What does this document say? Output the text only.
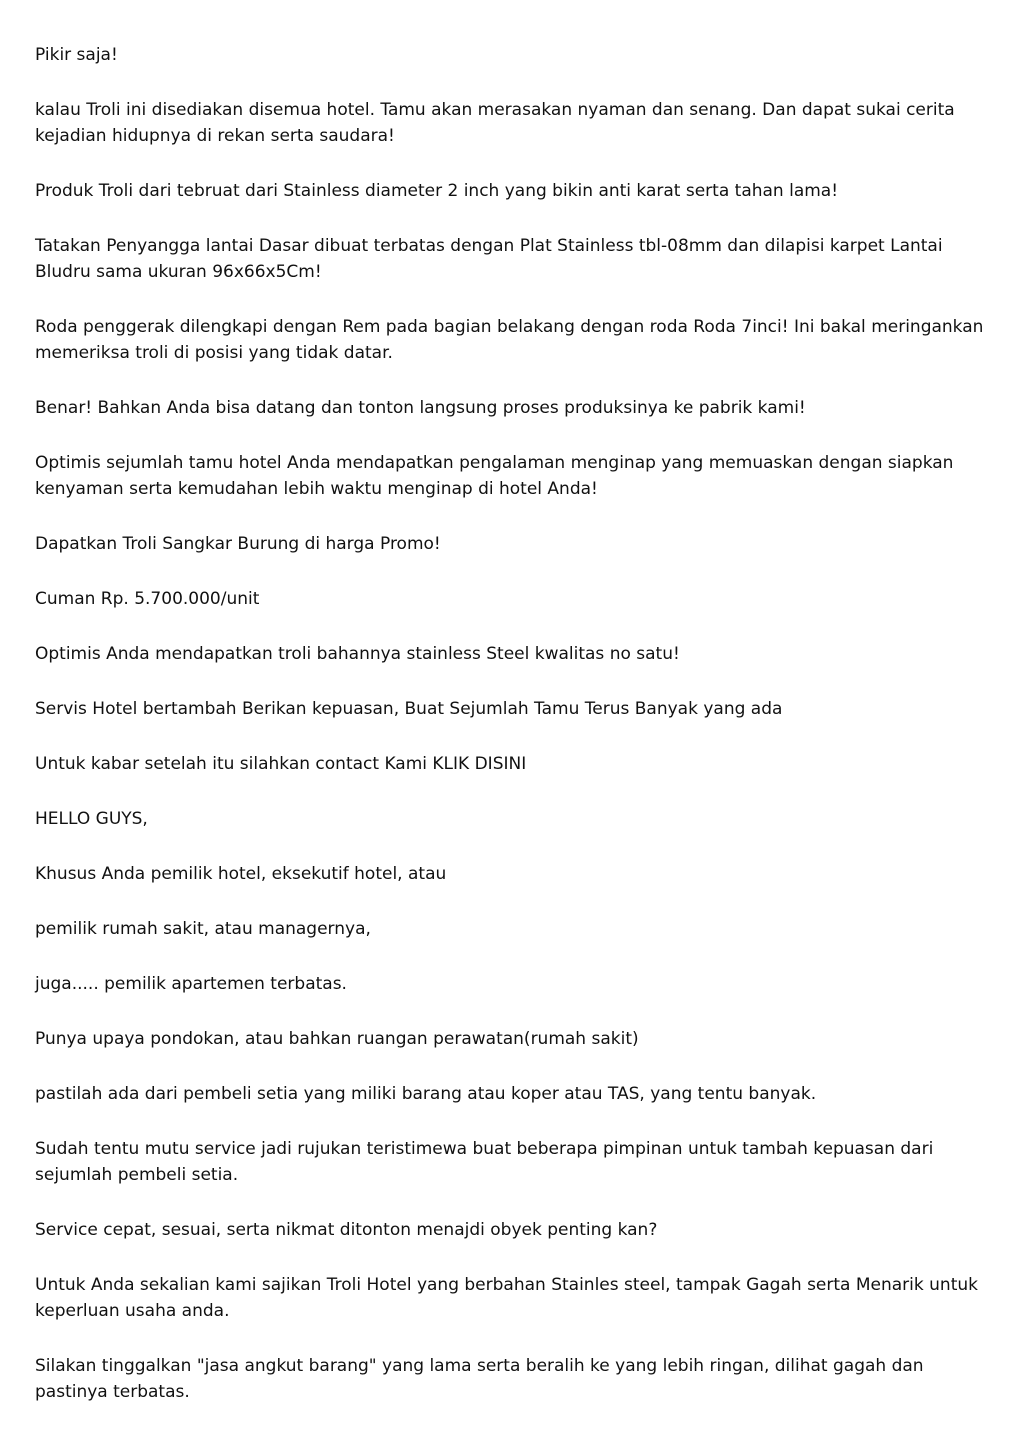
Pikir saja!

kalau Troli ini disediakan disemua hotel. Tamu akan merasakan nyaman dan senang. Dan dapat sukai cerita kejadian hidupnya di rekan serta saudara!

Produk Troli dari tebruat dari Stainless diameter 2 inch yang bikin anti karat serta tahan lama!

Tatakan Penyangga lantai Dasar dibuat terbatas dengan Plat Stainless tbl-08mm dan dilapisi karpet Lantai Bludru sama ukuran 96x66x5Cm!

Roda penggerak dilengkapi dengan Rem pada bagian belakang dengan roda Roda 7inci! Ini bakal meringankan memeriksa troli di posisi yang tidak datar.

Benar! Bahkan Anda bisa datang dan tonton langsung proses produksinya ke pabrik kami!

Optimis sejumlah tamu hotel Anda mendapatkan pengalaman menginap yang memuaskan dengan siapkan kenyaman serta kemudahan lebih waktu menginap di hotel Anda!

Dapatkan Troli Sangkar Burung di harga Promo!

Cuman Rp. 5.700.000/unit

Optimis Anda mendapatkan troli bahannya stainless Steel kwalitas no satu!

Servis Hotel bertambah Berikan kepuasan, Buat Sejumlah Tamu Terus Banyak yang ada

Untuk kabar setelah itu silahkan contact Kami KLIK DISINI

HELLO GUYS,

Khusus Anda pemilik hotel, eksekutif hotel, atau

pemilik rumah sakit, atau managernya,

juga..... pemilik apartemen terbatas.

Punya upaya pondokan, atau bahkan ruangan perawatan(rumah sakit)

pastilah ada dari pembeli setia yang miliki barang atau koper atau TAS, yang tentu banyak.

Sudah tentu mutu service jadi rujukan teristimewa buat beberapa pimpinan untuk tambah kepuasan dari sejumlah pembeli setia.

Service cepat, sesuai, serta nikmat ditonton menajdi obyek penting kan?

Untuk Anda sekalian kami sajikan Troli Hotel yang berbahan Stainles steel, tampak Gagah serta Menarik untuk keperluan usaha anda.

Silakan tinggalkan "jasa angkut barang" yang lama serta beralih ke yang lebih ringan, dilihat gagah dan pastinya terbatas.
